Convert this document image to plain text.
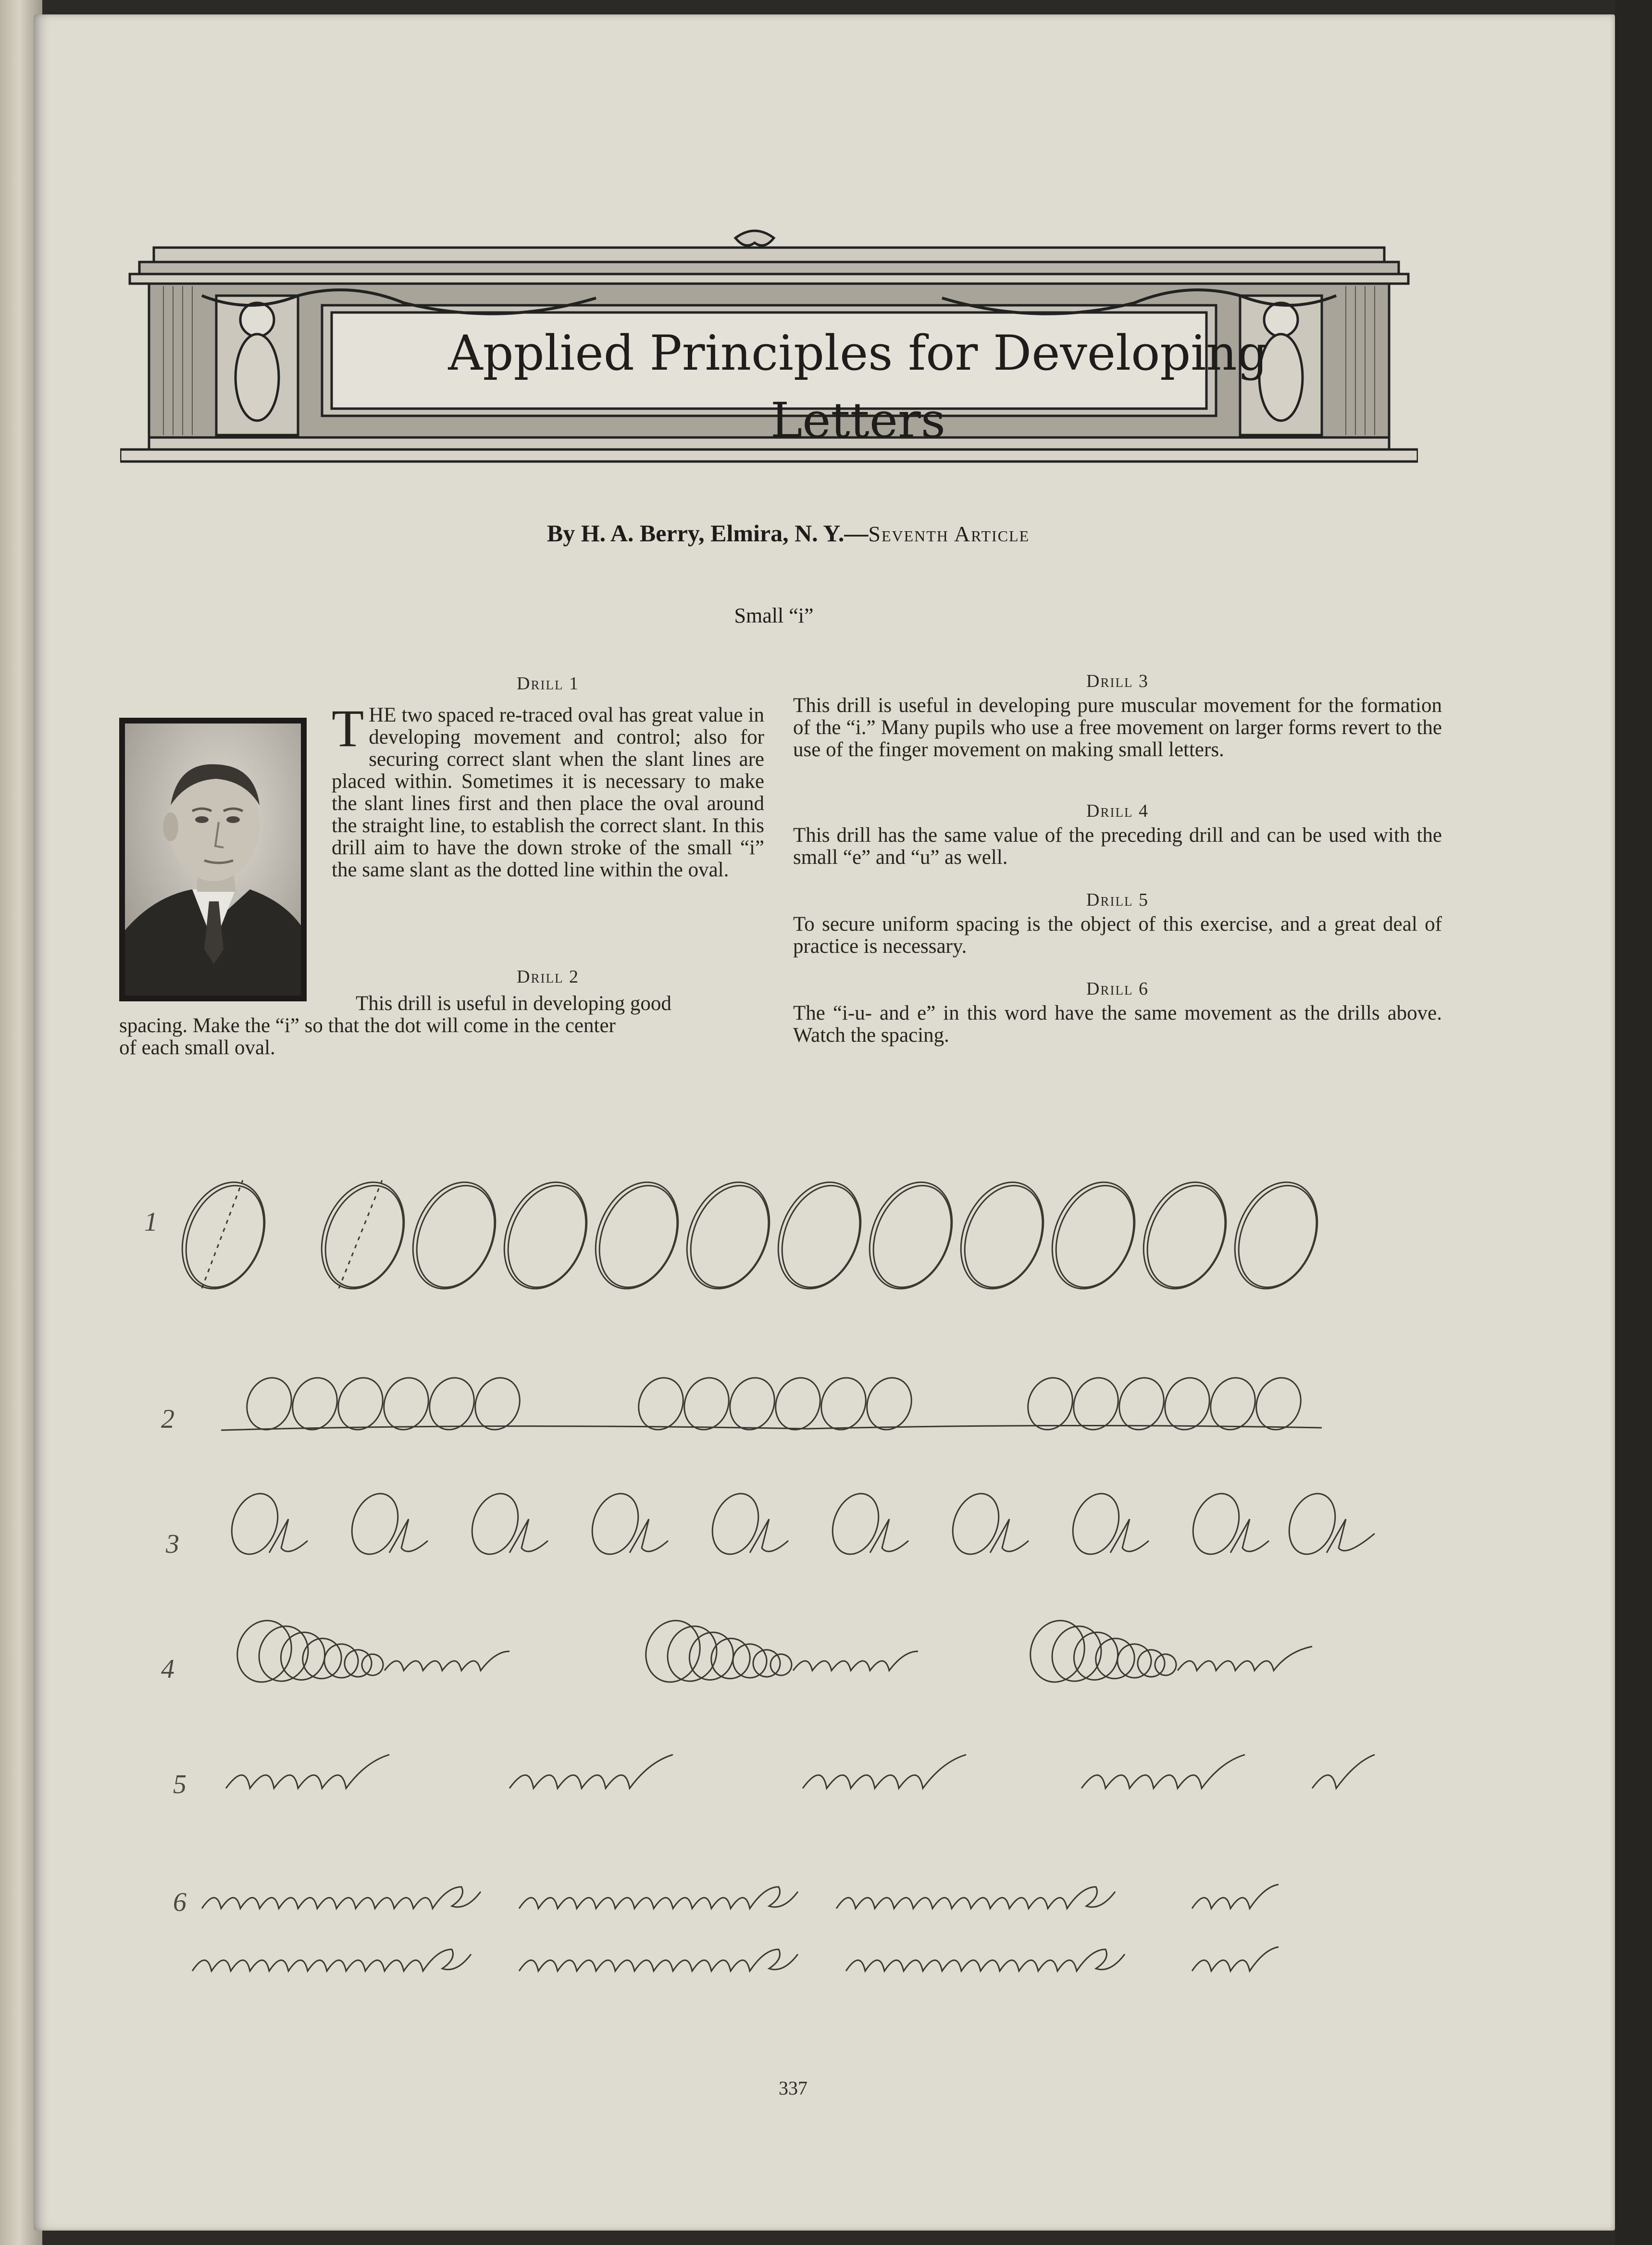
Applied Principles for Developing Letters
By H. A. Berry, Elmira, N. Y.—Seventh Article
Small “i”
Drill 1
THE two spaced re-traced oval has great value in developing movement and control; also for securing correct slant when the slant lines are placed within. Sometimes it is necessary to make the slant lines first and then place the oval around the straight line, to establish the correct slant. In this drill aim to have the down stroke of the small “i” the same slant as the dotted line within the oval.
Drill 2
This drill is useful in developing good
spacing. Make the “i” so that the dot will come in the center
of each small oval.
Drill 3
This drill is useful in developing pure muscular movement for the formation of the “i.” Many pupils who use a free movement on larger forms revert to the use of the finger movement on making small letters.
Drill 4
This drill has the same value of the preceding drill and can be used with the small “e” and “u” as well.
Drill 5
To secure uniform spacing is the object of this exercise, and a great deal of practice is necessary.
Drill 6
The “i-u- and e” in this word have the same movement as the drills above. Watch the spacing.
1
2
3
4
5
6
337
